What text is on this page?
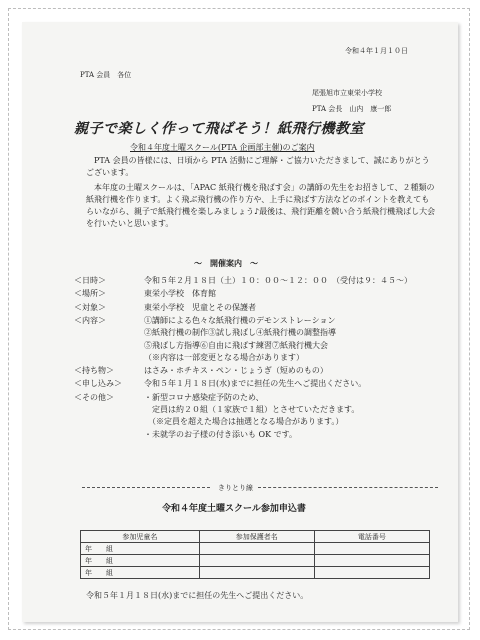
令和４年１月１０日
PTA 会員　各位
尾張旭市立東栄小学校
PTA 会長　山内　康一郎
親子で楽しく作って飛ばそう！紙飛行機教室
令和４年度土曜スクール(PTA 企画部主催)のご案内
PTA 会員の皆様には、日頃から PTA 活動にご理解・ご協力いただきまして、誠にありがとうございます。
本年度の土曜スクールは、「APAC 紙飛行機を飛ばす会」の講師の先生をお招きして、２種類の紙飛行機を作ります。よく飛ぶ飛行機の作り方や、上手に飛ばす方法などのポイントを教えてもらいながら、親子で紙飛行機を楽しみましょう♪最後は、飛行距離を競い合う紙飛行機飛ばし大会を行いたいと思います。
〜　開催案内　〜
＜日時＞	令和５年２月１８日（土）１０：００〜１２：００　（受付は９：４５〜）
＜場所＞	東栄小学校　体育館
＜対象＞	東栄小学校　児童とその保護者
＜内容＞	①講師による色々な紙飛行機のデモンストレーション
②紙飛行機の制作③試し飛ばし④紙飛行機の調整指導
⑤飛ばし方指導⑥自由に飛ばす練習⑦紙飛行機大会
（※内容は一部変更となる場合があります）
＜持ち物＞	はさみ・ホチキス・ペン・じょうぎ（短めのもの）
＜申し込み＞	令和５年１月１８日(水)までに担任の先生へご提出ください。
＜その他＞	・新型コロナ感染症予防のため、
　定員は約２０組（１家族で１組）とさせていただきます。
　（※定員を超えた場合は抽選となる場合があります。）
・未就学のお子様の付き添いも OK です。
きりとり線
令和４年度土曜スクール参加申込書
参加児童名	参加保護者名	電話番号
年　　組		
年　　組		
年　　組		
令和５年１月１８日(水)までに担任の先生へご提出ください。
